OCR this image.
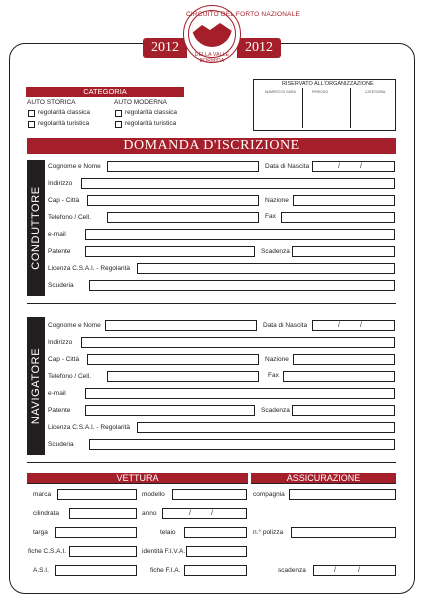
2012	2012
CIRCUITO DEL FORTO NAZIONALE
DELLA VALLE BORMIDA
CATEGORIA
AUTO STORICA	AUTO MODERNA
regolarità classica
regolarità turistica
regolarità classica
regolarità turistica
RISERVATO ALL'ORGANIZZAZIONE
NUMERO DI GARA	PERIODO	CATEGORIA
DOMANDA D'ISCRIZIONE
CONDUTTORE
Cognome e Nome	Data di Nascita	/	/
Indirizzo
Cap - Città	Nazione
Telefono / Cell.	Fax
e-mail
Patente	Scadenza
Licenza C.S.A.I. - Regolarità
Scuderia
NAVIGATORE
Cognome e Nome	Data di Nascita	/	/
Indirizzo
Cap - Città	Nazione
Telefono / Cell.	Fax
e-mail
Patente	Scadenza
Licenza C.S.A.I. - Regolarità
Scuderia
VETTURA	ASSICURAZIONE
marca	modello	compagnia
cilindrata	anno	/	/
targa	telaio	n.° polizza
fiche C.S.A.I.	identità F.I.V.A.
A.S.I.	fiche F.I.A.	scadenza	/	/
